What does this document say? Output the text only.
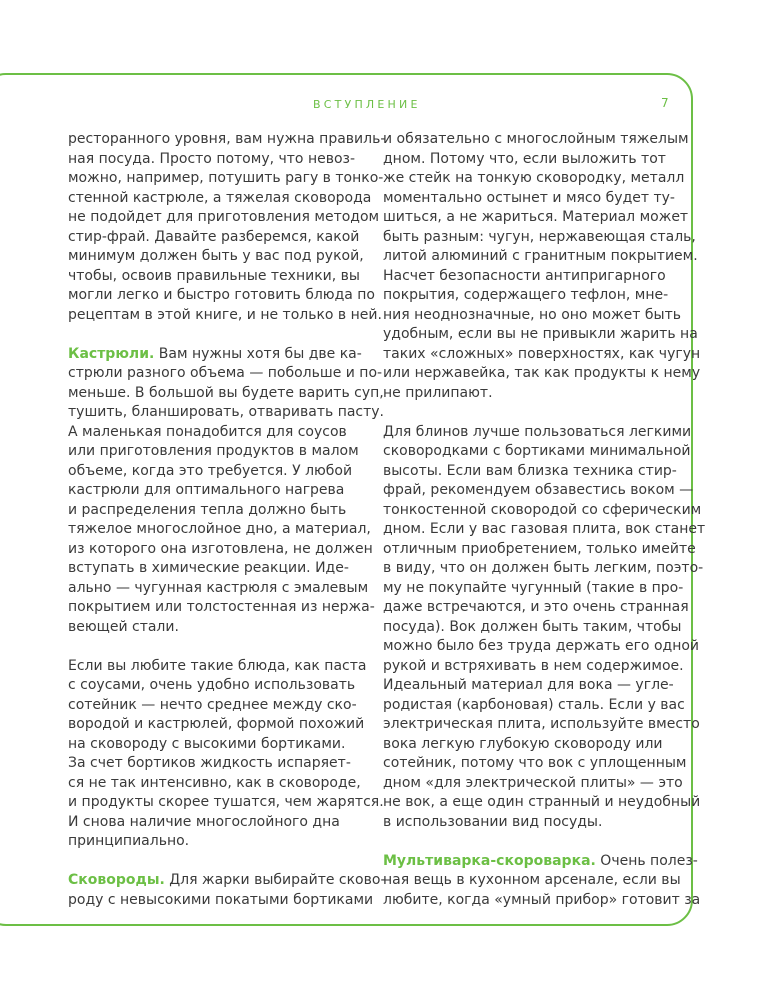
ВСТУПЛЕНИЕ	7
ресторанного уровня, вам нужна правиль-
ная посуда. Просто потому, что невоз-
можно, например, потушить рагу в тонко-
стенной кастрюле, а тяжелая сковорода
не подойдет для приготовления методом
стир-фрай. Давайте разберемся, какой
минимум должен быть у вас под рукой,
чтобы, освоив правильные техники, вы
могли легко и быстро готовить блюда по
рецептам в этой книге, и не только в ней.
Кастрюли. Вам нужны хотя бы две ка-
стрюли разного объема — побольше и по-
меньше. В большой вы будете варить суп,
тушить, бланшировать, отваривать пасту.
А маленькая понадобится для соусов
или приготовления продуктов в малом
объеме, когда это требуется. У любой
кастрюли для оптимального нагрева
и распределения тепла должно быть
тяжелое многослойное дно, а материал,
из которого она изготовлена, не должен
вступать в химические реакции. Иде-
ально — чугунная кастрюля с эмалевым
покрытием или толстостенная из нержа-
веющей стали.
Если вы любите такие блюда, как паста
с соусами, очень удобно использовать
сотейник — нечто среднее между ско-
вородой и кастрюлей, формой похожий
на сковороду с высокими бортиками.
За счет бортиков жидкость испаряет-
ся не так интенсивно, как в сковороде,
и продукты скорее тушатся, чем жарятся.
И снова наличие многослойного дна
принципиально.
Сковороды. Для жарки выбирайте сково-
роду с невысокими покатыми бортиками
и обязательно с многослойным тяжелым
дном. Потому что, если выложить тот
же стейк на тонкую сковородку, металл
моментально остынет и мясо будет ту-
шиться, а не жариться. Материал может
быть разным: чугун, нержавеющая сталь,
литой алюминий с гранитным покрытием.
Насчет безопасности антипригарного
покрытия, содержащего тефлон, мне-
ния неоднозначные, но оно может быть
удобным, если вы не привыкли жарить на
таких «сложных» поверхностях, как чугун
или нержавейка, так как продукты к нему
не прилипают.
Для блинов лучше пользоваться легкими
сковородками с бортиками минимальной
высоты. Если вам близка техника стир-
фрай, рекомендуем обзавестись воком —
тонкостенной сковородой со сферическим
дном. Если у вас газовая плита, вок станет
отличным приобретением, только имейте
в виду, что он должен быть легким, поэто-
му не покупайте чугунный (такие в про-
даже встречаются, и это очень странная
посуда). Вок должен быть таким, чтобы
можно было без труда держать его одной
рукой и встряхивать в нем содержимое.
Идеальный материал для вока — угле-
родистая (карбоновая) сталь. Если у вас
электрическая плита, используйте вместо
вока легкую глубокую сковороду или
сотейник, потому что вок с уплощенным
дном «для электрической плиты» — это
не вок, а еще один странный и неудобный
в использовании вид посуды.
Мультиварка-скороварка. Очень полез-
ная вещь в кухонном арсенале, если вы
любите, когда «умный прибор» готовит за
